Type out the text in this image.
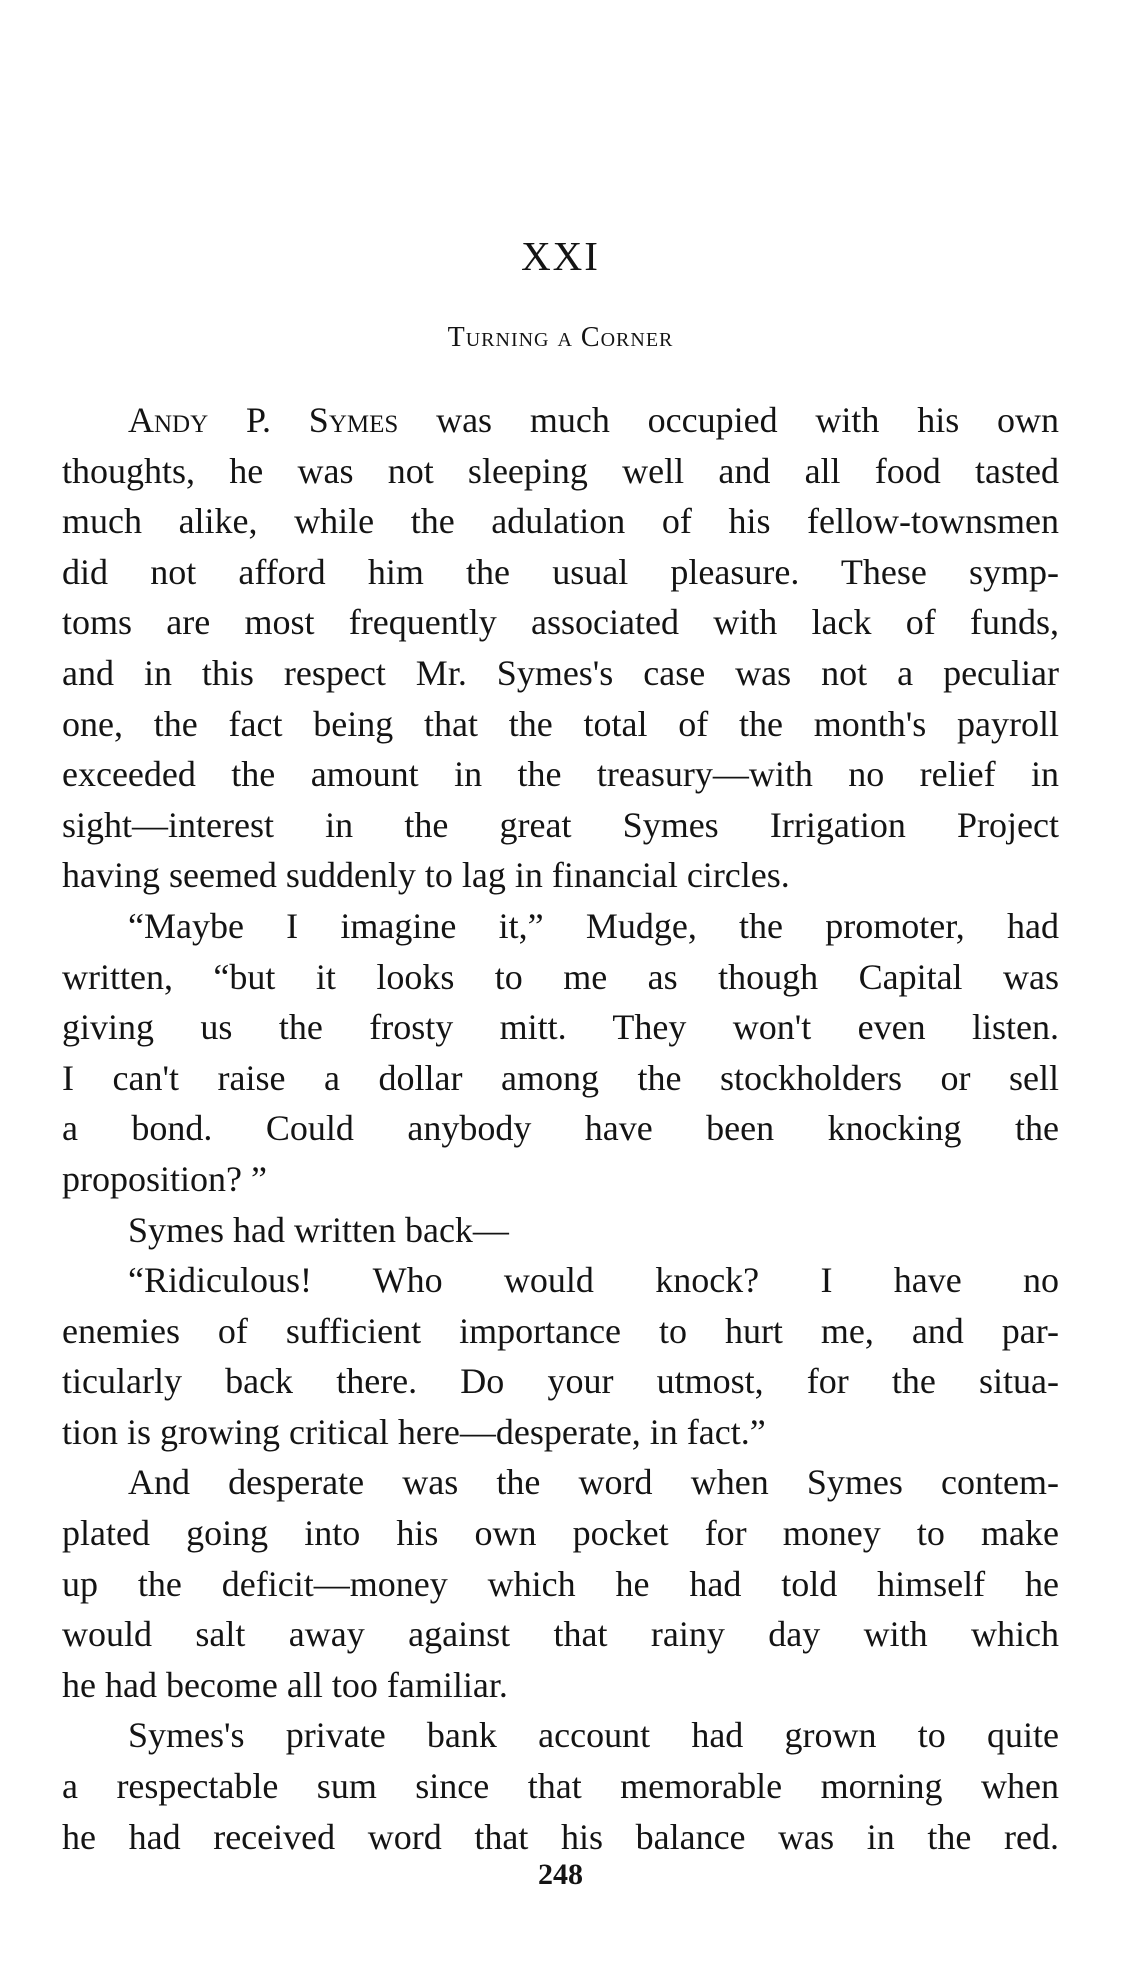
XXI
Turning a Corner
Andy P. Symes was much occupied with his own
thoughts, he was not sleeping well and all food tasted
much alike, while the adulation of his fellow-townsmen
did not afford him the usual pleasure. These symp-
toms are most frequently associated with lack of funds,
and in this respect Mr. Symes's case was not a peculiar
one, the fact being that the total of the month's payroll
exceeded the amount in the treasury—with no relief in
sight—interest in the great Symes Irrigation Project
having seemed suddenly to lag in financial circles.
“Maybe I imagine it,” Mudge, the promoter, had
written, “but it looks to me as though Capital was
giving us the frosty mitt. They won't even listen.
I can't raise a dollar among the stockholders or sell
a bond. Could anybody have been knocking the
proposition? ”
Symes had written back—
“Ridiculous! Who would knock? I have no
enemies of sufficient importance to hurt me, and par-
ticularly back there. Do your utmost, for the situa-
tion is growing critical here—desperate, in fact.”
And desperate was the word when Symes contem-
plated going into his own pocket for money to make
up the deficit—money which he had told himself he
would salt away against that rainy day with which
he had become all too familiar.
Symes's private bank account had grown to quite
a respectable sum since that memorable morning when
he had received word that his balance was in the red.
248
